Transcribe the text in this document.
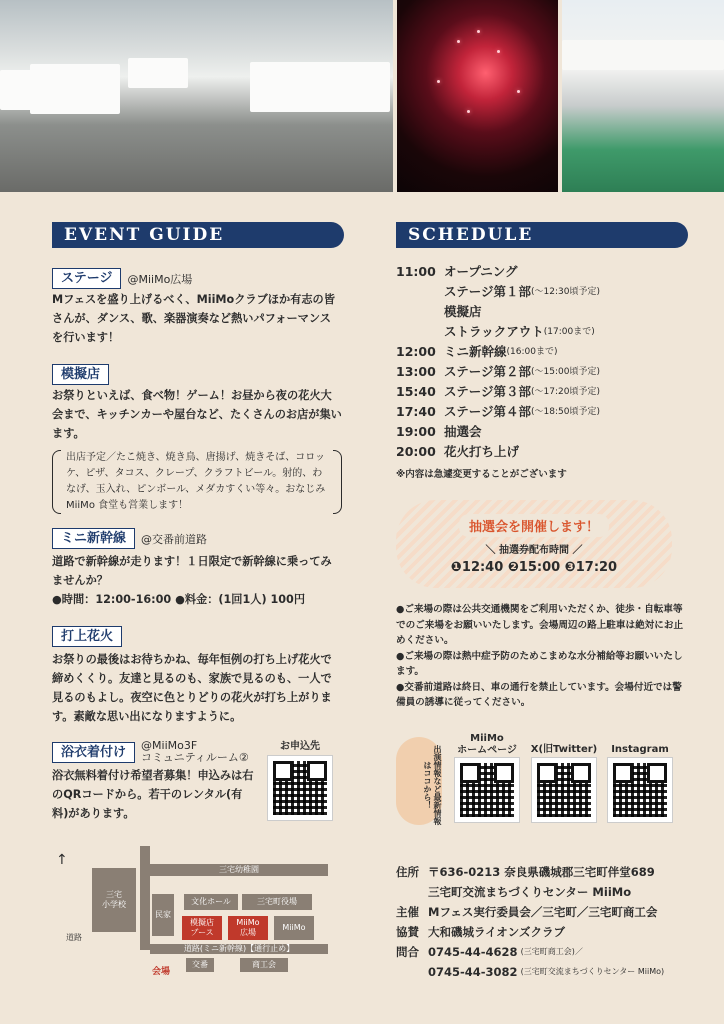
EVENT GUIDE
ステージ	@MiiMo広場
Mフェスを盛り上げるべく、MiiMoクラブほか有志の皆さんが、ダンス、歌、楽器演奏など熱いパフォーマンスを行います！
模擬店
お祭りといえば、食べ物！ゲーム！お昼から夜の花火大会まで、キッチンカーや屋台など、たくさんのお店が集います。
出店予定／たこ焼き、焼き鳥、唐揚げ、焼きそば、コロッケ、ピザ、タコス、クレープ、クラフトビール。射的、わなげ、玉入れ、ピンボール、メダカすくい等々。おなじみ MiiMo 食堂も営業します！
ミニ新幹線	@交番前道路
道路で新幹線が走ります！１日限定で新幹線に乗ってみませんか？
●時間：12:00-16:00 ●料金：(1回1人) 100円
打上花火
お祭りの最後はお待ちかね、毎年恒例の打ち上げ花火で締めくくり。友達と見るのも、家族で見るのも、一人で見るのもよし。夜空に色とりどりの花火が打ち上がります。素敵な思い出になりますように。
浴衣着付け	@MiiMo3F
コミュニティルーム②
浴衣無料着付け希望者募集！申込みは右のQRコードから。若干のレンタル(有料)があります。
お申込先
↑
三宅
小学校
三宅幼稚園
民家
文化ホール	三宅町役場
模擬店
ブース
MiiMo
広場
MiiMo
道路
道路(ミニ新幹線)【通行止め】
会場
交番	商工会
SCHEDULE
11:00 オープニング
ステージ第１部 (〜12:30頃予定)
模擬店
ストラックアウト (17:00まで)
12:00 ミニ新幹線 (16:00まで)
13:00 ステージ第２部 (〜15:00頃予定)
15:40 ステージ第３部 (〜17:20頃予定)
17:40 ステージ第４部 (〜18:50頃予定)
19:00 抽選会
20:00 花火打ち上げ
※内容は急遽変更することがございます
抽選会を開催します！
＼ 抽選券配布時間 ／
❶12:40 ❷15:00 ❸17:20
●ご来場の際は公共交通機関をご利用いただくか、徒歩・自転車等でのご来場をお願いいたします。会場周辺の路上駐車は絶対にお止めください。
●ご来場の際は熱中症予防のためこまめな水分補給等お願いいたします。
●交番前道路は終日、車の通行を禁止しています。会場付近では警備員の誘導に従ってください。
出演情報など最新情報はココから！
MiiMo
ホームページ	X(旧Twitter)	Instagram
住所 〒636-0213 奈良県磯城郡三宅町伴堂689
三宅町交流まちづくりセンター MiiMo
主催 Mフェス実行委員会／三宅町／三宅町商工会
協賛 大和磯城ライオンズクラブ
問合 0745-44-4628 (三宅町商工会)／
0745-44-3082 (三宅町交流まちづくりセンター MiiMo)
